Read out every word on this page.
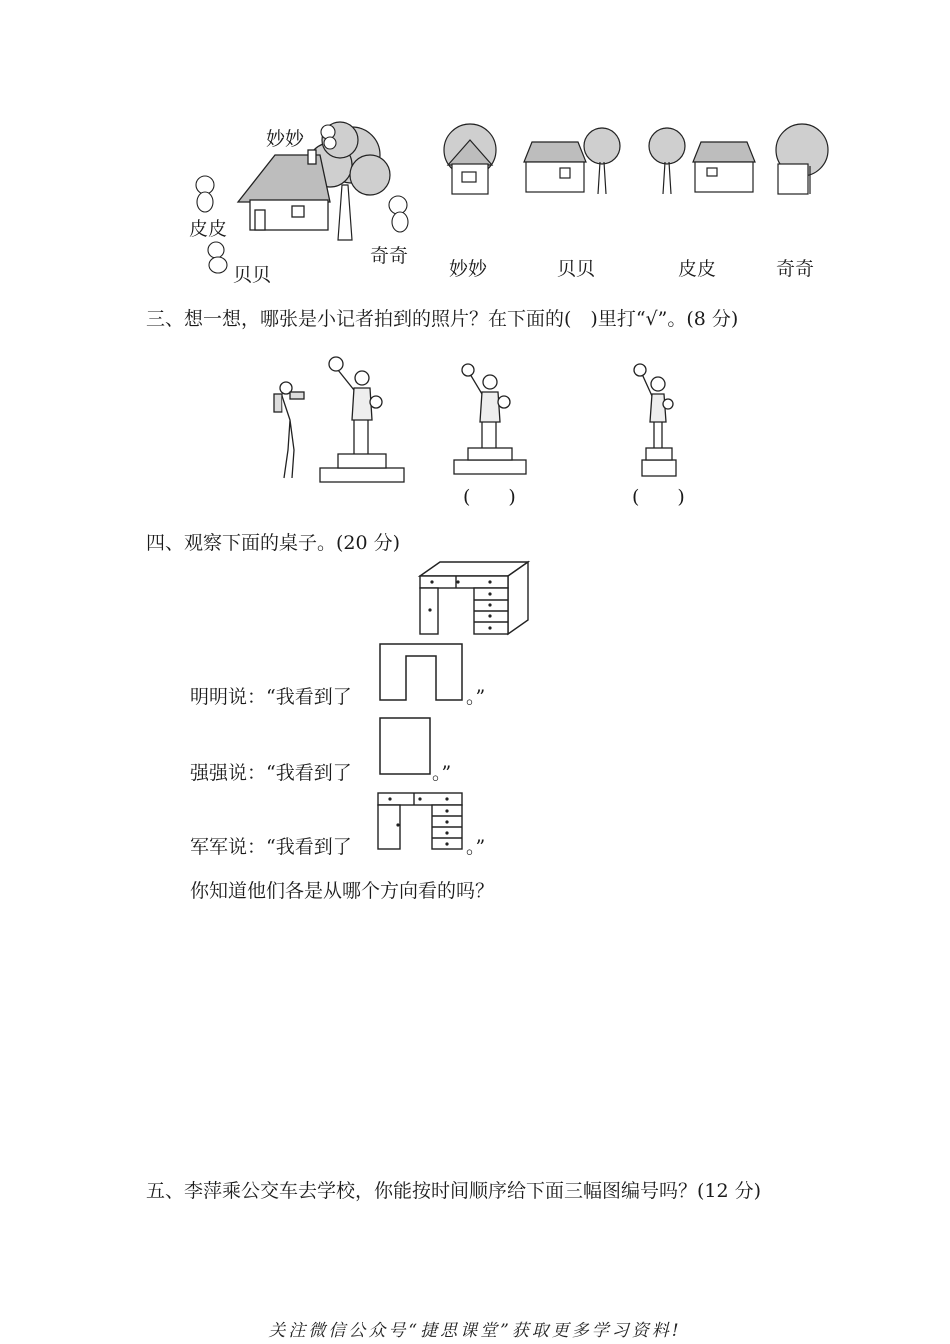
妙妙
皮皮
贝贝
奇奇
妙妙	贝贝	皮皮	奇奇
三、想一想，哪张是小记者拍到的照片？在下面的(　)里打“√”。(8 分)
(　　)	(　　)
四、观察下面的桌子。(20 分)
明明说：“我看到了	。”
强强说：“我看到了	。”
军军说：“我看到了	。”
你知道他们各是从哪个方向看的吗？
五、李萍乘公交车去学校，你能按时间顺序给下面三幅图编号吗？(12 分)
关注微信公众号“捷思课堂”获取更多学习资料!
